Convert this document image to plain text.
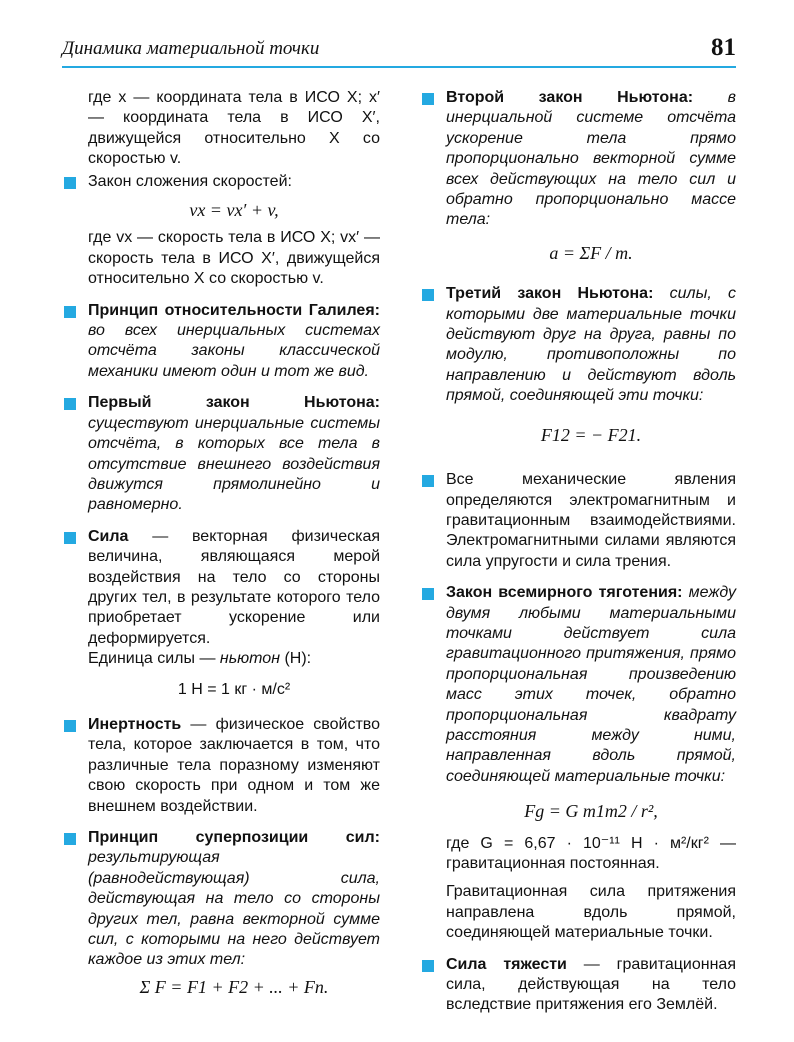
Динамика материальной точки	81
где x — координата тела в ИСО X; x′ — координата тела в ИСО X′, движущейся относительно X со скоростью v.
Закон сложения скоростей:
vx = vx′ + v,
где vx — скорость тела в ИСО X; vx′ — скорость тела в ИСО X′, движущейся относительно X со скоростью v.
Принцип относительности Галилея: во всех инерциальных системах отсчёта законы классической механики имеют один и тот же вид.
Первый закон Ньютона: существуют инерциальные системы отсчёта, в которых все тела в отсутствие внешнего воздействия движутся прямолинейно и равномерно.
Сила — векторная физическая величина, являющаяся мерой воздействия на тело со стороны других тел, в результате которого тело приобретает ускорение или деформируется.
Единица силы — ньютон (Н):
1 Н = 1 кг · м/с²
Инертность — физическое свойство тела, которое заключается в том, что различные тела поразному изменяют свою скорость при одном и том же внешнем воздействии.
Принцип суперпозиции сил: результирующая (равнодействующая) сила, действующая на тело со стороны других тел, равна векторной сумме сил, с которыми на него действует каждое из этих тел:
Σ F = F1 + F2 + ... + Fn.
Второй закон Ньютона: в инерциальной системе отсчёта ускорение тела прямо пропорционально векторной сумме всех действующих на тело сил и обратно пропорционально массе тела:
a = ΣF / m.
Третий закон Ньютона: силы, с которыми две материальные точки действуют друг на друга, равны по модулю, противоположны по направлению и действуют вдоль прямой, соединяющей эти точки:
F12 = − F21.
Все механические явления определяются электромагнитным и гравитационным взаимодействиями. Электромагнитными силами являются сила упругости и сила трения.
Закон всемирного тяготения: между двумя любыми материальными точками действует сила гравитационного притяжения, прямо пропорциональная произведению масс этих точек, обратно пропорциональная квадрату расстояния между ними, направленная вдоль прямой, соединяющей материальные точки:
Fg = G m1m2 / r²,
где G = 6,67 · 10⁻¹¹ Н · м²/кг² — гравитационная постоянная.
Гравитационная сила притяжения направлена вдоль прямой, соединяющей материальные точки.
Сила тяжести — гравитационная сила, действующая на тело вследствие притяжения его Землёй.
